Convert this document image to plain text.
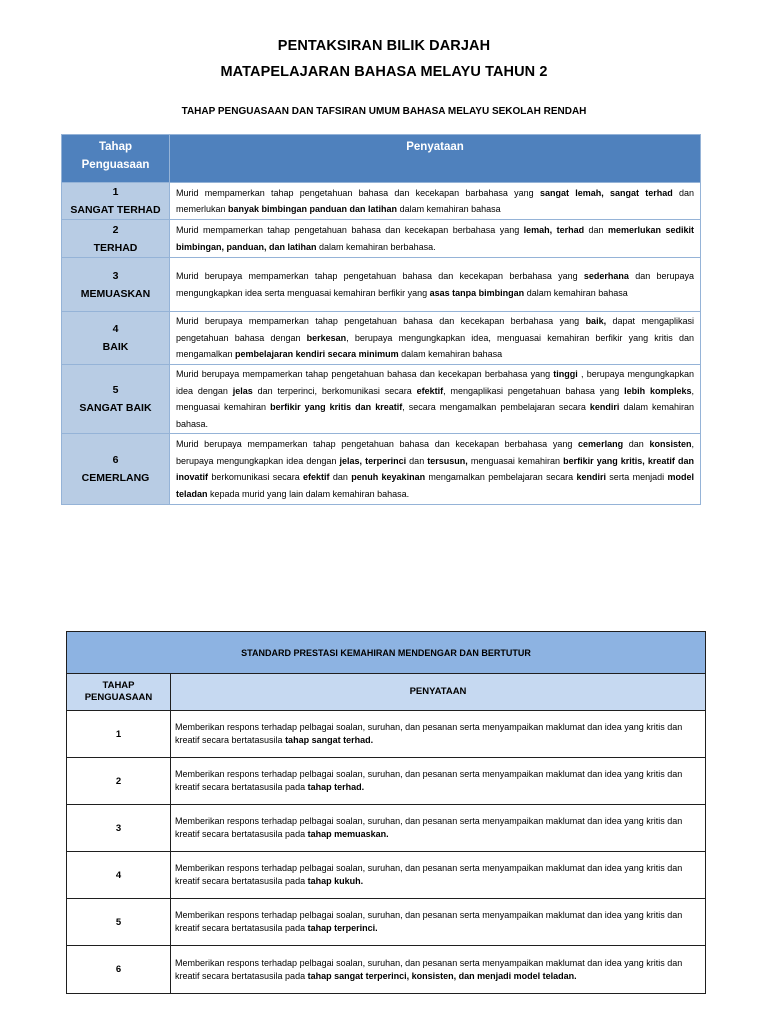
PENTAKSIRAN BILIK DARJAH
MATAPELAJARAN BAHASA MELAYU TAHUN 2
TAHAP PENGUASAAN DAN TAFSIRAN UMUM BAHASA MELAYU SEKOLAH RENDAH
Tahap Penguasaan	Penyataan

1
SANGAT TERHAD	Murid mempamerkan tahap pengetahuan bahasa dan kecekapan barbahasa yang sangat lemah, sangat terhad dan memerlukan banyak bimbingan panduan dan latihan dalam kemahiran bahasa

2
TERHAD	Murid mempamerkan tahap pengetahuan bahasa dan kecekapan berbahasa yang lemah, terhad dan memerlukan sedikit bimbingan, panduan, dan latihan dalam kemahiran berbahasa.

3
MEMUASKAN	Murid berupaya mempamerkan tahap pengetahuan bahasa dan kecekapan berbahasa yang sederhana dan berupaya mengungkapkan idea serta menguasai kemahiran berfikir yang asas tanpa bimbingan dalam kemahiran bahasa

4
BAIK	Murid berupaya mempamerkan tahap pengetahuan bahasa dan kecekapan berbahasa yang baik, dapat mengaplikasi pengetahuan bahasa dengan berkesan, berupaya mengungkapkan idea, menguasai kemahiran berfikir yang kritis dan mengamalkan pembelajaran kendiri secara minimum dalam kemahiran bahasa

5
SANGAT BAIK	Murid berupaya mempamerkan tahap pengetahuan bahasa dan kecekapan berbahasa yang tinggi , berupaya mengungkapkan idea dengan jelas dan terperinci, berkomunikasi secara efektif, mengaplikasi pengetahuan bahasa yang lebih kompleks, menguasai kemahiran berfikir yang kritis dan kreatif, secara mengamalkan pembelajaran secara kendiri dalam kemahiran bahasa.

6
CEMERLANG	Murid berupaya mempamerkan tahap pengetahuan bahasa dan kecekapan berbahasa yang cemerlang dan konsisten, berupaya mengungkapkan idea dengan jelas, terperinci dan tersusun, menguasai kemahiran berfikir yang kritis, kreatif dan inovatif berkomunikasi secara efektif dan penuh keyakinan mengamalkan pembelajaran secara kendiri serta menjadi model teladan kepada murid yang lain dalam kemahiran bahasa.
STANDARD PRESTASI KEMAHIRAN MENDENGAR DAN BERTUTUR	
TAHAP PENGUASAAN	PENYATAAN
1	Memberikan respons terhadap pelbagai soalan, suruhan, dan pesanan serta menyampaikan maklumat dan idea yang kritis dan kreatif secara bertatasusila tahap sangat terhad.
2	Memberikan respons terhadap pelbagai soalan, suruhan, dan pesanan serta menyampaikan maklumat dan idea yang kritis dan kreatif secara bertatasusila pada tahap terhad.
3	Memberikan respons terhadap pelbagai soalan, suruhan, dan pesanan serta menyampaikan maklumat dan idea yang kritis dan kreatif secara bertatasusila pada tahap memuaskan.
4	Memberikan respons terhadap pelbagai soalan, suruhan, dan pesanan serta menyampaikan maklumat dan idea yang kritis dan kreatif secara bertatasusila pada tahap kukuh.
5	Memberikan respons terhadap pelbagai soalan, suruhan, dan pesanan serta menyampaikan maklumat dan idea yang kritis dan kreatif secara bertatasusila pada tahap terperinci.
6	Memberikan respons terhadap pelbagai soalan, suruhan, dan pesanan serta menyampaikan maklumat dan idea yang kritis dan kreatif secara bertatasusila pada tahap sangat terperinci, konsisten, dan menjadi model teladan.
